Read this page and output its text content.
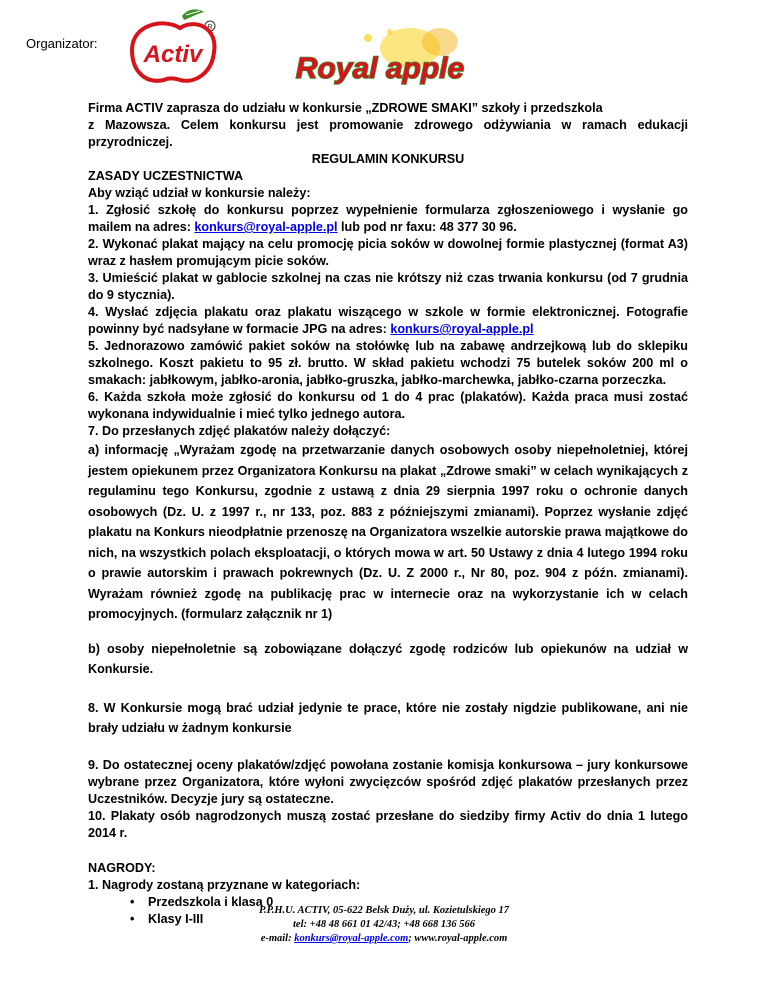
Organizator:
R
Activ	Royal apple

Firma ACTIV zaprasza do udziału w konkursie „ZDROWE SMAKI” szkoły i przedszkola

z Mazowsza. Celem konkursu jest promowanie zdrowego odżywiania w ramach edukacji przyrodniczej.

REGULAMIN KONKURSU

ZASADY UCZESTNICTWA

Aby wziąć udział w konkursie należy:

1. Zgłosić szkołę do konkursu poprzez wypełnienie formularza zgłoszeniowego i wysłanie go mailem na adres: konkurs@royal-apple.pl lub pod nr faxu: 48 377 30 96.

2. Wykonać plakat mający na celu promocję picia soków w dowolnej formie plastycznej (format A3) wraz z hasłem promującym picie soków.

3. Umieścić plakat w gablocie szkolnej na czas nie krótszy niż czas trwania konkursu (od 7 grudnia do 9 stycznia).

4. Wysłać zdjęcia plakatu oraz plakatu wiszącego w szkole w formie elektronicznej. Fotografie powinny być nadsyłane w formacie JPG na adres: konkurs@royal-apple.pl

5. Jednorazowo zamówić pakiet soków na stołówkę lub na zabawę andrzejkową lub do sklepiku szkolnego. Koszt pakietu to 95 zł. brutto. W skład pakietu wchodzi 75 butelek soków 200 ml o smakach: jabłkowym, jabłko-aronia, jabłko-gruszka, jabłko-marchewka, jabłko-czarna porzeczka.

6. Każda szkoła może zgłosić do konkursu od 1 do 4 prac (plakatów). Każda praca musi zostać wykonana indywidualnie i mieć tylko jednego autora.

7. Do przesłanych zdjęć plakatów należy dołączyć:

a) informację „Wyrażam zgodę na przetwarzanie danych osobowych osoby niepełnoletniej, której jestem opiekunem przez Organizatora Konkursu na plakat „Zdrowe smaki” w celach wynikających z regulaminu tego Konkursu, zgodnie z ustawą z dnia 29 sierpnia 1997 roku o ochronie danych osobowych (Dz. U. z 1997 r., nr 133, poz. 883 z późniejszymi zmianami). Poprzez wysłanie zdjęć plakatu na Konkurs nieodpłatnie przenoszę na Organizatora wszelkie autorskie prawa majątkowe do nich, na wszystkich polach eksploatacji, o których mowa w art. 50 Ustawy z dnia 4 lutego 1994 roku o prawie autorskim i prawach pokrewnych (Dz. U. Z 2000 r., Nr 80, poz. 904 z późn. zmianami). Wyrażam również zgodę na publikację prac w internecie oraz na wykorzystanie ich w celach promocyjnych. (formularz załącznik nr 1)

b) osoby niepełnoletnie są zobowiązane dołączyć zgodę rodziców lub opiekunów na udział w Konkursie.

8. W Konkursie mogą brać udział jedynie te prace, które nie zostały nigdzie publikowane, ani nie brały udziału w żadnym konkursie

9. Do ostatecznej oceny plakatów/zdjęć powołana zostanie komisja konkursowa – jury konkursowe wybrane przez Organizatora, które wyłoni zwycięzców spośród zdjęć plakatów przesłanych przez Uczestników. Decyzje jury są ostateczne.

10. Plakaty osób nagrodzonych muszą zostać przesłane do siedziby firmy Activ do dnia 1 lutego 2014 r.

NAGRODY:

1. Nagrody zostaną przyznane w kategoriach:

• Przedszkola i klasa 0
• Klasy I-III
P.P.H.U. ACTIV, 05-622 Belsk Duży, ul. Kozietulskiego 17
tel: +48 48 661 01 42/43; +48 668 136 566
e-mail: konkurs@royal-apple.com; www.royal-apple.com
